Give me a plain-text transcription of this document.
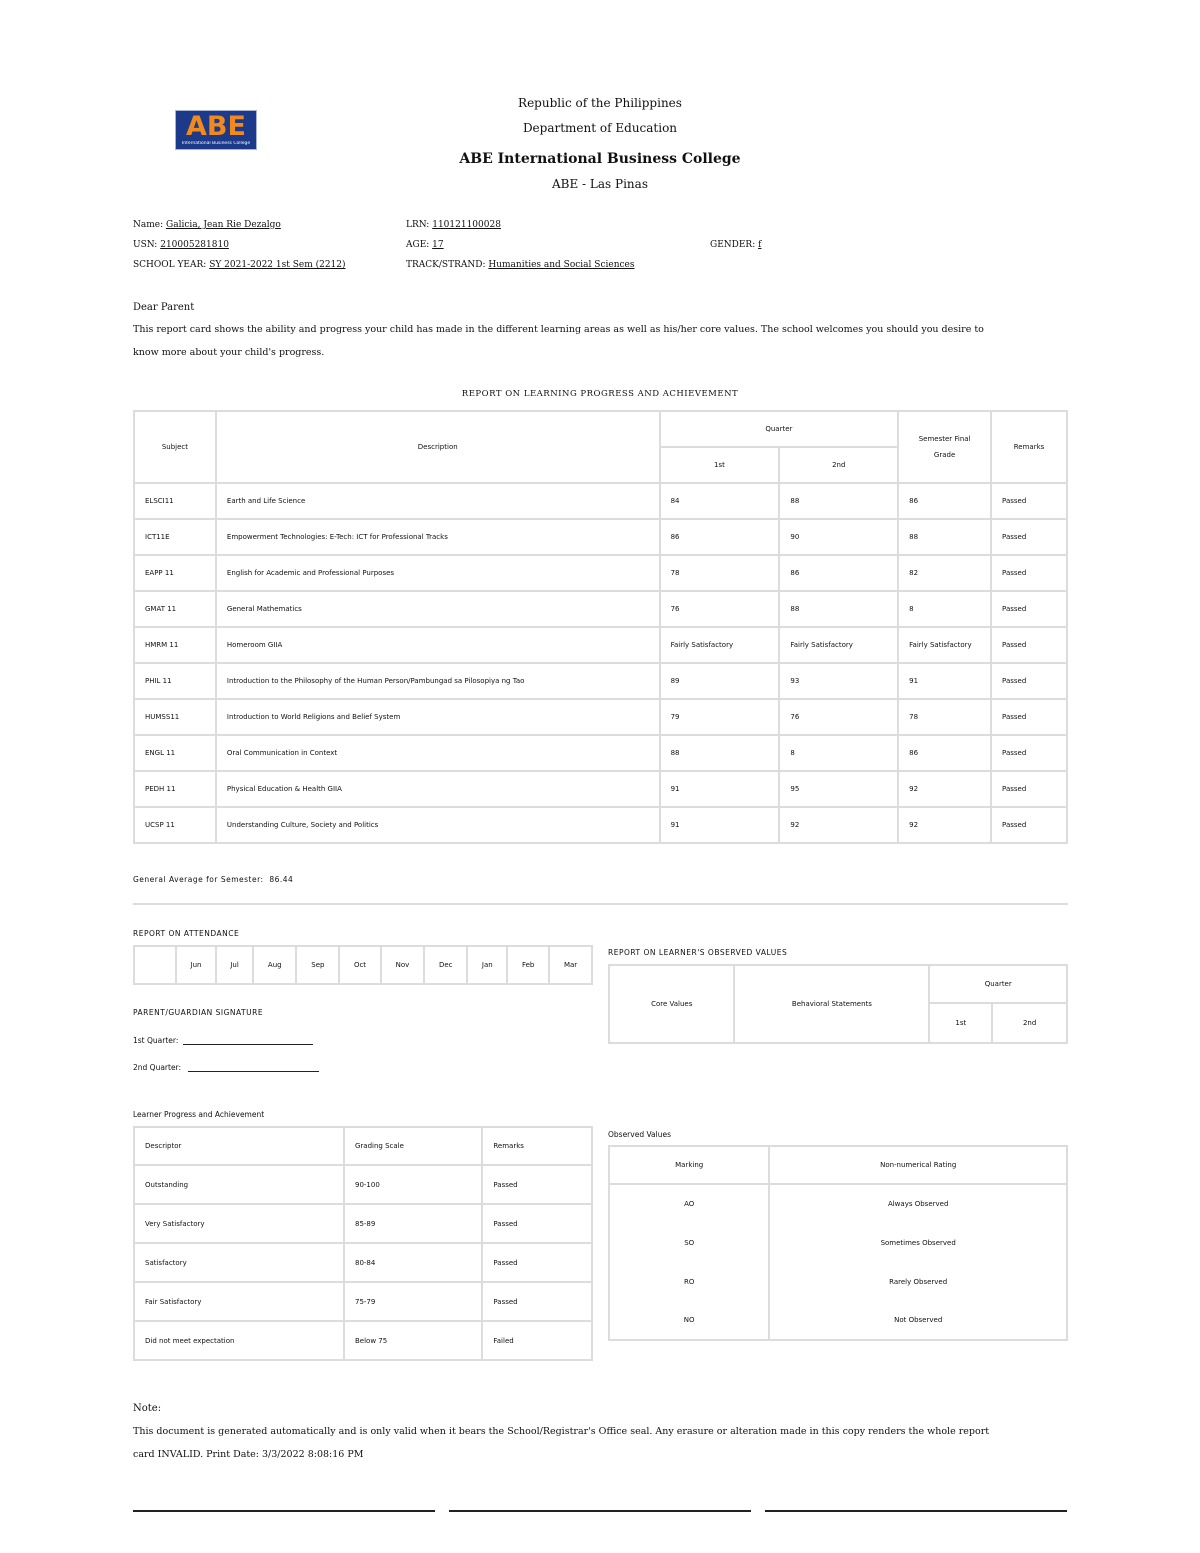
ABE
International Business College
Republic of the Philippines
Department of Education
ABE International Business College
ABE - Las Pinas
Name: Galicia, Jean Rie Dezalgo	LRN: 110121100028
USN: 210005281810	AGE: 17	GENDER: f
SCHOOL YEAR: SY 2021-2022 1st Sem (2212)	TRACK/STRAND: Humanities and Social Sciences
Dear Parent
This report card shows the ability and progress your child has made in the different learning areas as well as his/her core values. The school welcomes you should you desire to
know more about your child's progress.
REPORT ON LEARNING PROGRESS AND ACHIEVEMENT
Subject	Description	Quarter		Semester Final Grade	Remarks
		1st	2nd		
ELSCI11	Earth and Life Science	84	88	86	Passed
ICT11E	Empowerment Technologies: E-Tech: ICT for Professional Tracks	86	90	88	Passed
EAPP 11	English for Academic and Professional Purposes	78	86	82	Passed
GMAT 11	General Mathematics	76	88	8	Passed
HMRM 11	Homeroom GIIA	Fairly Satisfactory	Fairly Satisfactory	Fairly Satisfactory	Passed
PHIL 11	Introduction to the Philosophy of the Human Person/Pambungad sa Pilosopiya ng Tao	89	93	91	Passed
HUMSS11	Introduction to World Religions and Belief System	79	76	78	Passed
ENGL 11	Oral Communication in Context	88	8	86	Passed
PEDH 11	Physical Education & Health GIIA	91	95	92	Passed
UCSP 11	Understanding Culture, Society and Politics	91	92	92	Passed
General Average for Semester: 86.44
REPORT ON ATTENDANCE
	Jun	Jul	Aug	Sep	Oct	Nov	Dec	Jan	Feb	Mar
REPORT ON LEARNER'S OBSERVED VALUES
Core Values	Behavioral Statements	Quarter	
		1st	2nd
PARENT/GUARDIAN SIGNATURE
1st Quarter:
2nd Quarter:
Learner Progress and Achievement
Descriptor	Grading Scale	Remarks
Outstanding	90-100	Passed
Very Satisfactory	85-89	Passed
Satisfactory	80-84	Passed
Fair Satisfactory	75-79	Passed
Did not meet expectation	Below 75	Failed
Observed Values
Marking	Non-numerical Rating
AO	Always Observed
SO	Sometimes Observed
RO	Rarely Observed
NO	Not Observed
Note:
This document is generated automatically and is only valid when it bears the School/Registrar's Office seal. Any erasure or alteration made in this copy renders the whole report
card INVALID. Print Date: 3/3/2022 8:08:16 PM
